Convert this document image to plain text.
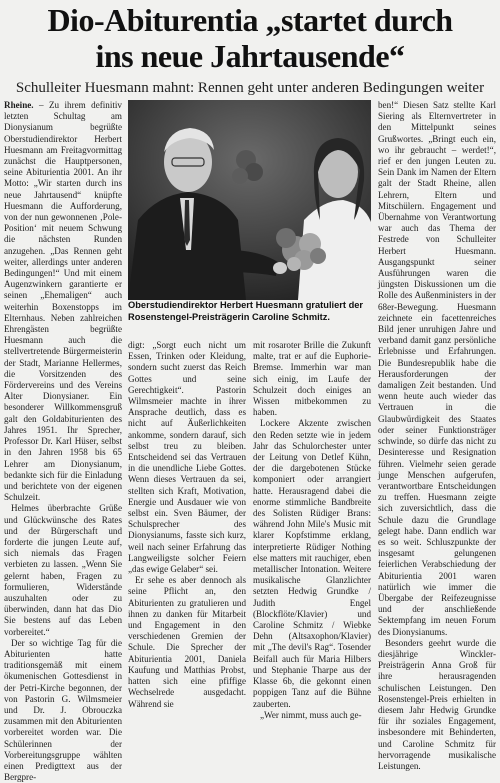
Dio-Abiturentia „startet durch
ins neue Jahrtausende“
Schulleiter Huesmann mahnt: Rennen geht unter anderen Bedingungen weiter

Rheine. – Zu ihrem definitiv letzten Schultag am Dionysianum begrüßte Oberstudiendirektor Herbert Huesmann am Freitagvormittag zunächst die Hauptpersonen, seine Abiturientia 2001. An ihr Motto: „Wir starten durch ins neue Jahrtausend“ knüpfte Huesmann die Aufforderung, von der nun gewonnenen ‚Pole-Position‘ mit neuem Schwung die nächsten Runden anzugehen. „Das Rennen geht weiter, allerdings unter anderen Bedingungen!“ Und mit einem Augenzwinkern garantierte er seinen „Ehemaligen“ auch weiterhin Boxenstopps im Elternhaus. Neben zahlreichen Ehrengästen begrüßte Huesmann auch die stellvertretende Bürgermeisterin der Stadt, Marianne Hellermes, die Vorsitzenden des Fördervereins und des Vereins Alter Dionysianer. Ein besonderer Willkommensgruß galt den Goldabiturienten des Jahres 1951. Ihr Sprecher, Professor Dr. Karl Hüser, selbst in den Jahren 1958 bis 65 Lehrer am Dionysianum, bedankte sich für die Einladung und berichtete von der eigenen Schulzeit.

Helmes überbrachte Grüße und Glückwünsche des Rates und der Bürgerschaft und forderte die jungen Leute auf, sich niemals das Fragen verbieten zu lassen. „Wenn Sie gelernt haben, Fragen zu formulieren, Widerstände auszuhalten oder zu überwinden, dann hat das Dio Sie bestens auf das Leben vorbereitet.“

Der so wichtige Tag für die Abiturienten hatte traditionsgemäß mit einem ökumenischen Gottesdienst in der Petri-Kirche begonnen, der von Pastorin G. Wilmsmeier und Dr. J. Obrouczka zusammen mit den Abiturienten vorbereitet worden war. Die Schülerinnen der Vorbereitungsgruppe wählten einen Predigttext aus der Bergpre-

Oberstudiendirektor Herbert Huesmann gratuliert der Rosenstengel-Preisträgerin Caroline Schmitz.

digt: „Sorgt euch nicht um Essen, Trinken oder Kleidung, sondern sucht zuerst das Reich Gottes und seine Gerechtigkeit“. Pastorin Wilmsmeier machte in ihrer Ansprache deutlich, dass es nicht auf Äußerlichkeiten ankomme, sondern darauf, sich selbst treu zu bleiben. Entscheidend sei das Vertrauen in die unendliche Liebe Gottes. Wenn dieses Vertrauen da sei, stellten sich Kraft, Motivation, Energie und Ausdauer wie von selbst ein. Sven Bäumer, der Schulsprecher des Dionysianums, fasste sich kurz, weil nach seiner Erfahrung das Langweiligste solcher Feiern „das ewige Gelaber“ sei.

Er sehe es aber dennoch als seine Pflicht an, den Abiturienten zu gratulieren und ihnen zu danken für Mitarbeit und Engagement in den verschiedenen Gremien der Schule. Die Sprecher der Abiturientia 2001, Daniela Kaufung und Matthias Probst, hatten sich eine pfiffige Wechselrede ausgedacht. Während sie

mit rosaroter Brille die Zukunft malte, trat er auf die Euphorie-Bremse. Immerhin war man sich einig, im Laufe der Schulzeit doch einiges an Wissen mitbekommen zu haben.

Lockere Akzente zwischen den Reden setzte wie in jedem Jahr das Schulorchester unter der Leitung von Detlef Kühn, der die dargebotenen Stücke komponiert oder arrangiert hatte. Herausragend dabei die enorme stimmliche Bandbreite des Solisten Rüdiger Brans: während John Mile's Music mit klarer Kopfstimme erklang, interpretierte Rüdiger Nothing else matters mit rauchiger, eben metallischer Intonation. Weitere musikalische Glanzlichter setzten Hedwig Grundke / Judith Engel (Blockflöte/Klavier) und Caroline Schmitz / Wiebke Dehn (Altsaxophon/Klavier) mit „The devil's Rag“. Tosender Beifall auch für Maria Hilbers und Stephanie Tharpe aus der Klasse 6b, die gekonnt einen poppigen Tanz auf die Bühne zauberten.

„Wer nimmt, muss auch ge-

ben!“ Diesen Satz stellte Karl Siering als Elternvertreter in den Mittelpunkt seines Grußwortes. „Bringt euch ein, wo ihr gebraucht – werdet!“, rief er den jungen Leuten zu. Sein Dank im Namen der Eltern galt der Stadt Rheine, allen Lehrern, Eltern und Mitschülern. Engagement und Übernahme von Verantwortung war auch das Thema der Festrede von Schulleiter Herbert Huesmann. Ausgangspunkt seiner Ausführungen waren die jüngsten Diskussionen um die Rolle des Außenministers in der 68er-Bewegung. Huesmann zeichnete ein facettenreiches Bild jener unruhigen Jahre und verband damit ganz persönliche Erlebnisse und Erfahrungen. Die Bundesrepublik habe die Herausforderungen der damaligen Zeit bestanden. Und wenn heute auch wieder das Vertrauen in die Glaubwürdigkeit des Staates oder seiner Funktionsträger schwinde, so dürfe das nicht zu Desinteresse und Resignation führen. Vielmehr seien gerade junge Menschen aufgerufen, verantwortbare Entscheidungen zu treffen. Huesmann zeigte sich zuversichtlich, dass die Schule dazu die Grundlage gelegt habe. Dann endlich war es so weit. Schluszpunkte der insgesamt gelungenen feierlichen Verabschiedung der Abiturientia 2001 waren natürlich wie immer die Übergabe der Reifezeugnisse und der anschließende Sektempfang im neuen Forum des Dionysianums.

Besonders geehrt wurde die diesjährige Winckler-Preisträgerin Anna Groß für ihre herausragenden schulischen Leistungen. Den Rosenstengel-Preis erhielten in diesem Jahr Hedwig Grundke für ihr soziales Engagement, insbesondere mit Behinderten, und Caroline Schmitz für hervorragende musikalische Leistungen.
